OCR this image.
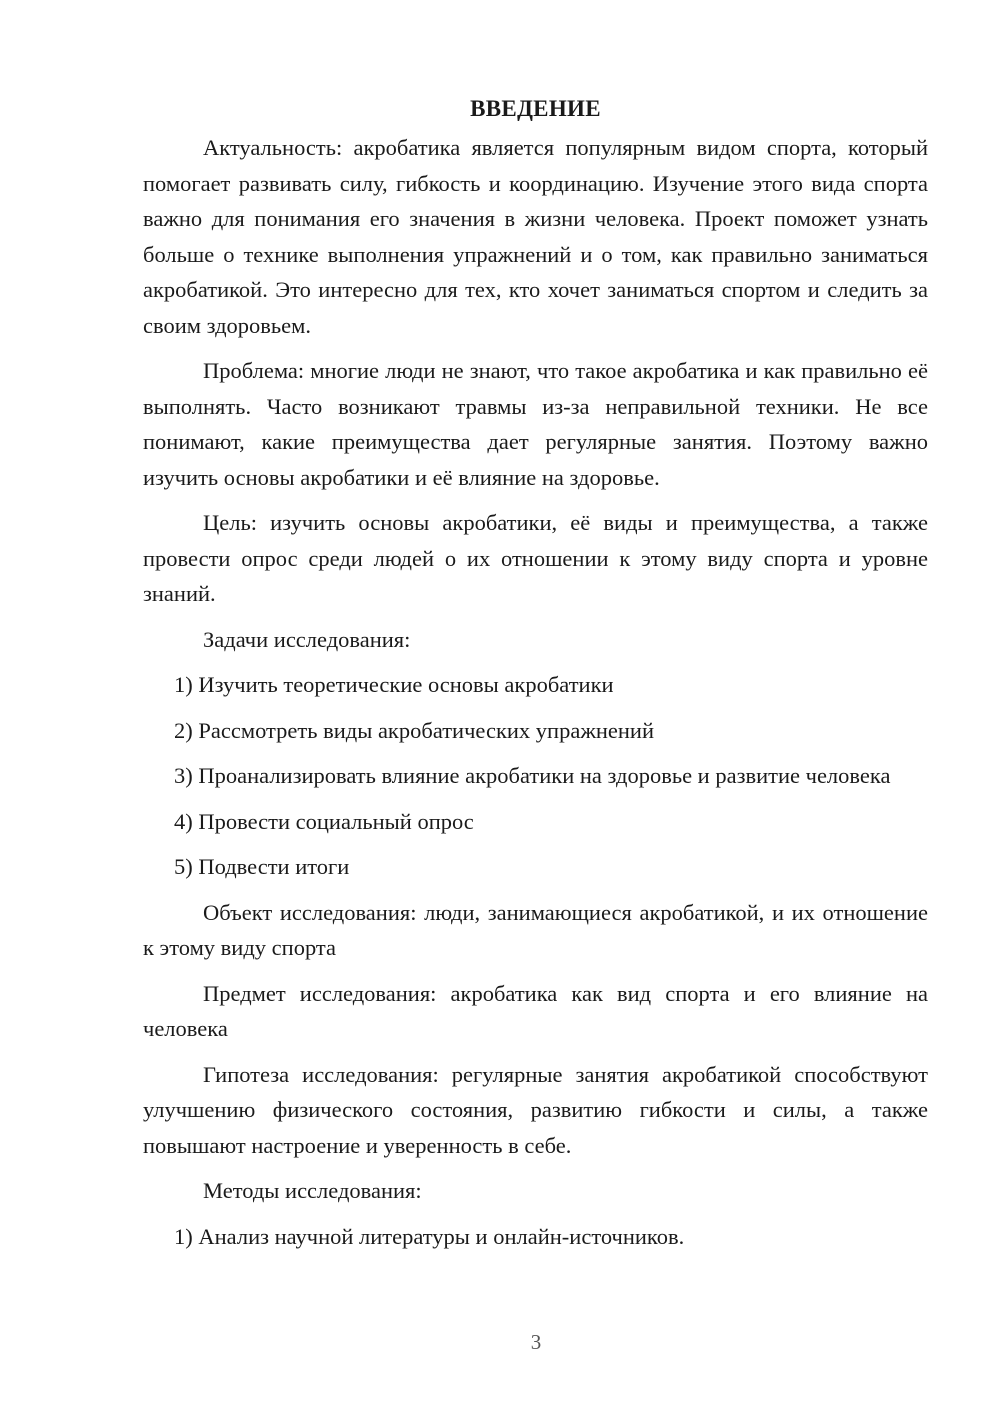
ВВЕДЕНИЕ

Актуальность: акробатика является популярным видом спорта, который помогает развивать силу, гибкость и координацию. Изучение этого вида спорта важно для понимания его значения в жизни человека. Проект поможет узнать больше о технике выполнения упражнений и о том, как правильно заниматься акробатикой. Это интересно для тех, кто хочет заниматься спортом и следить за своим здоровьем.

Проблема: многие люди не знают, что такое акробатика и как правильно её выполнять. Часто возникают травмы из-за неправильной техники. Не все понимают, какие преимущества дает регулярные занятия. Поэтому важно изучить основы акробатики и её влияние на здоровье.

Цель: изучить основы акробатики, её виды и преимущества, а также провести опрос среди людей о их отношении к этому виду спорта и уровне знаний.

Задачи исследования:

1) Изучить теоретические основы акробатики

2) Рассмотреть виды акробатических упражнений

3) Проанализировать влияние акробатики на здоровье и развитие человека

4) Провести социальный опрос

5) Подвести итоги

Объект исследования: люди, занимающиеся акробатикой, и их отношение к этому виду спорта

Предмет исследования: акробатика как вид спорта и его влияние на человека

Гипотеза исследования: регулярные занятия акробатикой способствуют улучшению физического состояния, развитию гибкости и силы, а также повышают настроение и уверенность в себе.

Методы исследования:

1) Анализ научной литературы и онлайн-источников.

3
